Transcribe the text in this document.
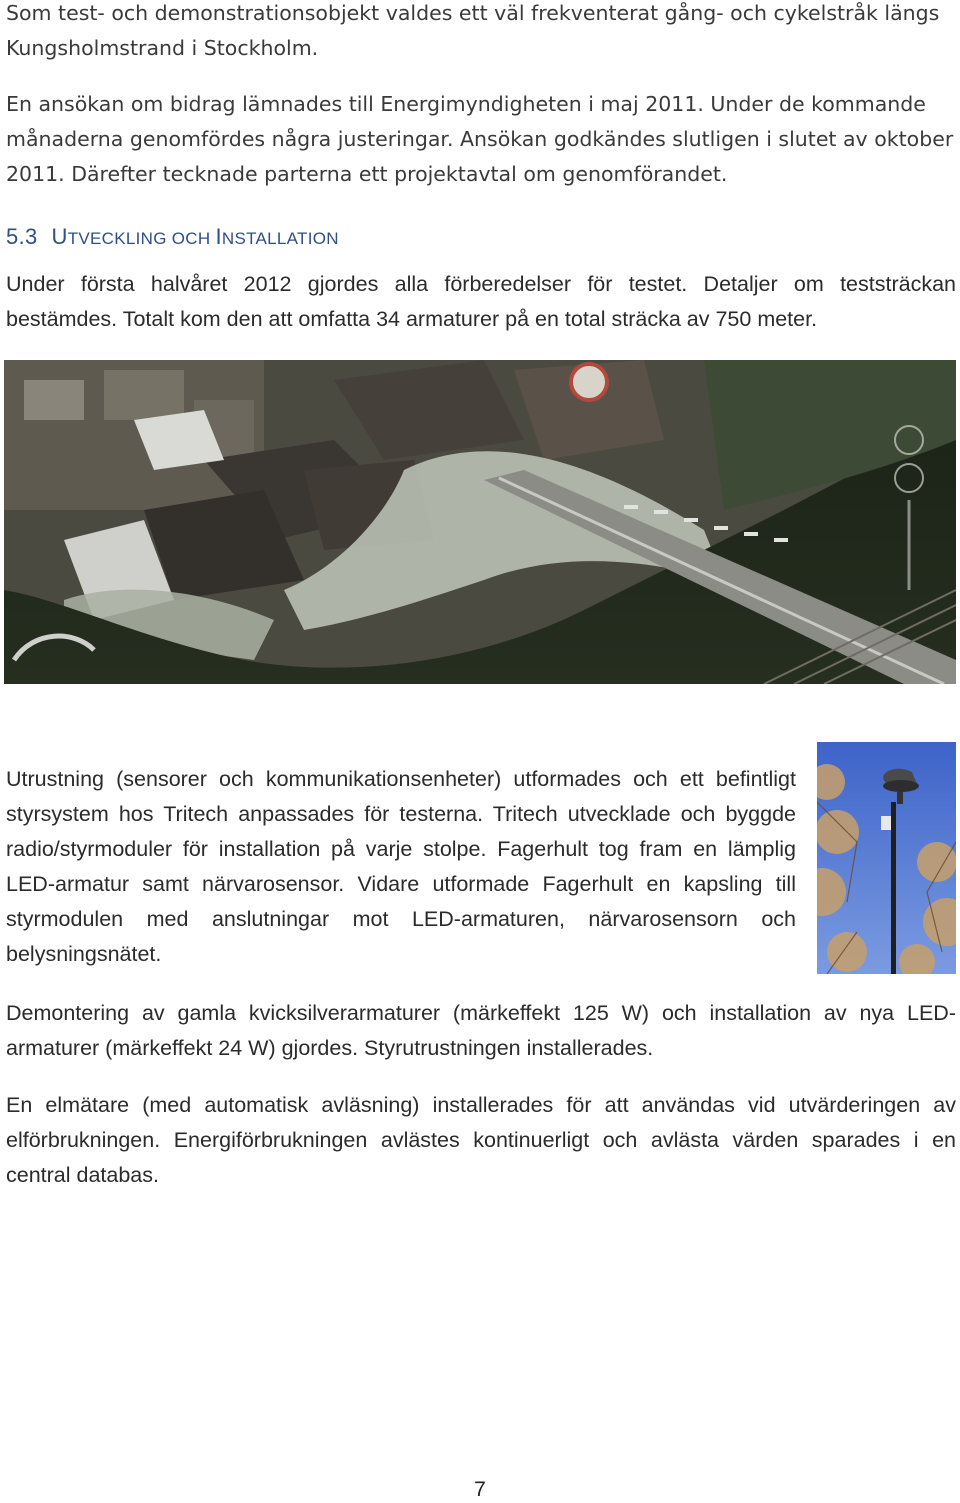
Som test- och demonstrationsobjekt valdes ett väl frekventerat gång- och cykelstråk längs

Kungsholmstrand i Stockholm.

En ansökan om bidrag lämnades till Energimyndigheten i maj 2011. Under de kommande

månaderna genomfördes några justeringar. Ansökan godkändes slutligen i slutet av oktober

2011. Därefter tecknade parterna ett projektavtal om genomförandet.

5.3 UTVECKLING OCH INSTALLATION

Under första halvåret 2012 gjordes alla förberedelser för testet. Detaljer om teststräckan bestämdes. Totalt kom den att omfatta 34 armaturer på en total sträcka av 750 meter.

Utrustning (sensorer och kommunikationsenheter) utformades och ett befintligt styrsystem hos Tritech anpassades för testerna. Tritech utvecklade och byggde radio/styrmoduler för installation på varje stolpe. Fagerhult tog fram en lämplig LED-armatur samt närvarosensor. Vidare utformade Fagerhult en kapsling till styrmodulen med anslutningar mot LED-armaturen, närvarosensorn och belysningsnätet.

Demontering av gamla kvicksilverarmaturer (märkeffekt 125 W) och installation av nya LED-armaturer (märkeffekt 24 W) gjordes. Styrutrustningen installerades.

En elmätare (med automatisk avläsning) installerades för att användas vid utvärderingen av elförbrukningen. Energiförbrukningen avlästes kontinuerligt och avlästa värden sparades i en central databas.

7
